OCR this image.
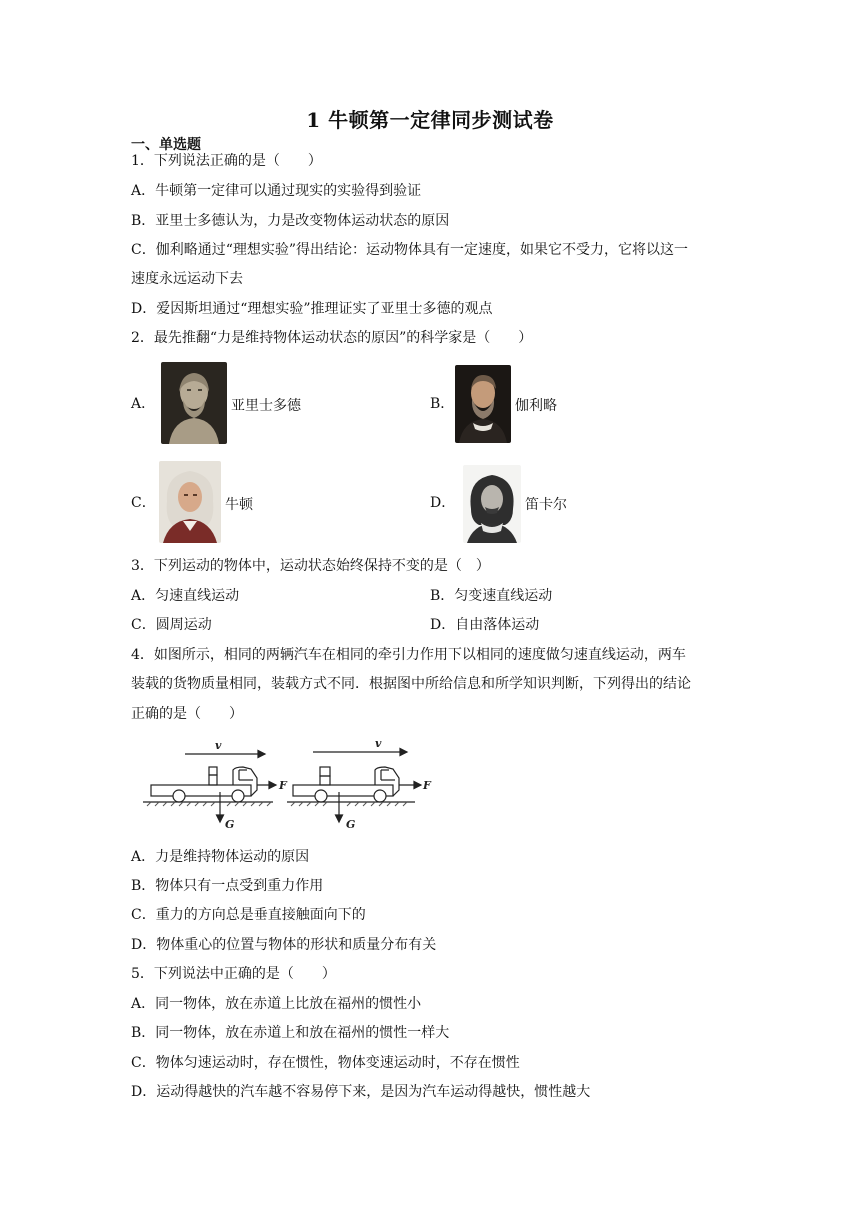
1 牛顿第一定律同步测试卷
一、单选题
1．下列说法正确的是（　　）
A．牛顿第一定律可以通过现实的实验得到验证
B．亚里士多德认为，力是改变物体运动状态的原因
C．伽利略通过“理想实验”得出结论：运动物体具有一定速度，如果它不受力，它将以这一
速度永远运动下去
D．爱因斯坦通过“理想实验”推理证实了亚里士多德的观点
2．最先推翻“力是维持物体运动状态的原因”的科学家是（　　）
A．	亚里士多德	B．	伽利略
C．	牛顿	D．	笛卡尔
3．下列运动的物体中，运动状态始终保持不变的是（　）
A．匀速直线运动	B．匀变速直线运动
C．圆周运动	D．自由落体运动
4．如图所示，相同的两辆汽车在相同的牵引力作用下以相同的速度做匀速直线运动，两车
装载的货物质量相同，装载方式不同．根据图中所给信息和所学知识判断，下列得出的结论
正确的是（　　）
v
F
G
v
F
G
A．力是维持物体运动的原因
B．物体只有一点受到重力作用
C．重力的方向总是垂直接触面向下的
D．物体重心的位置与物体的形状和质量分布有关
5．下列说法中正确的是（　　）
A．同一物体，放在赤道上比放在福州的惯性小
B．同一物体，放在赤道上和放在福州的惯性一样大
C．物体匀速运动时，存在惯性，物体变速运动时，不存在惯性
D．运动得越快的汽车越不容易停下来，是因为汽车运动得越快，惯性越大
